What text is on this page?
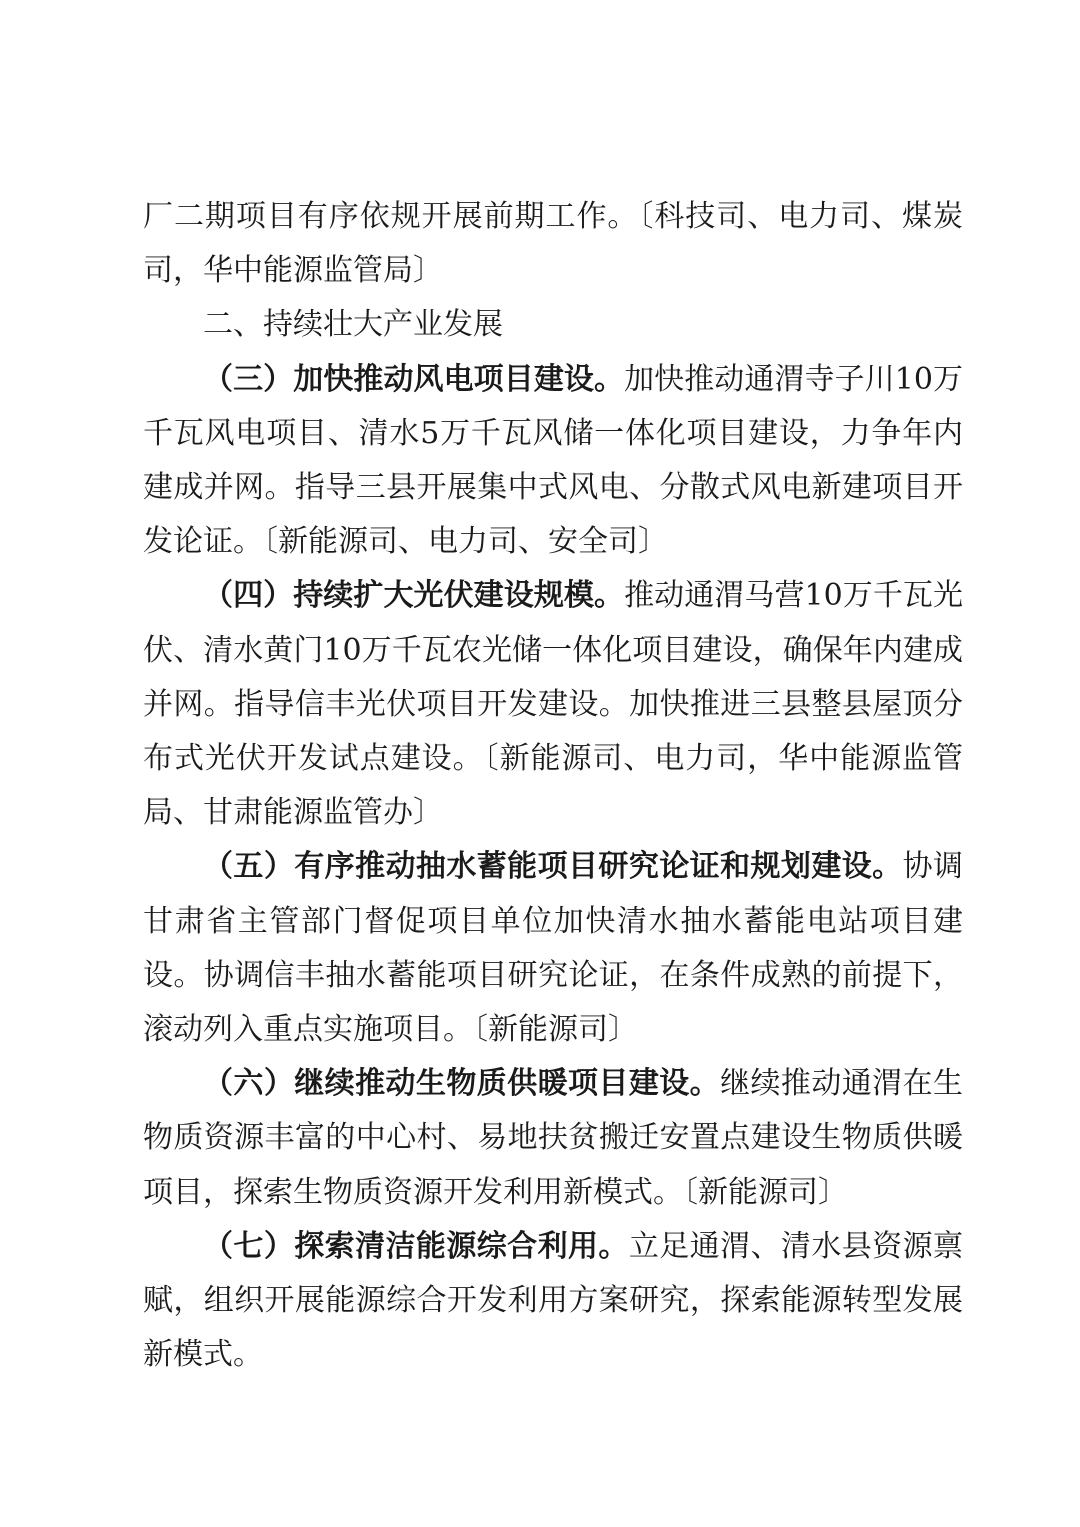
厂二期项目有序依规开展前期工作。〔科技司、电力司、煤炭司，华中能源监管局〕

二、持续壮大产业发展

（三）加快推动风电项目建设。加快推动通渭寺子川10万千瓦风电项目、清水5万千瓦风储一体化项目建设，力争年内建成并网。指导三县开展集中式风电、分散式风电新建项目开发论证。〔新能源司、电力司、安全司〕

（四）持续扩大光伏建设规模。推动通渭马营10万千瓦光伏、清水黄门10万千瓦农光储一体化项目建设，确保年内建成并网。指导信丰光伏项目开发建设。加快推进三县整县屋顶分布式光伏开发试点建设。〔新能源司、电力司，华中能源监管局、甘肃能源监管办〕

（五）有序推动抽水蓄能项目研究论证和规划建设。协调甘肃省主管部门督促项目单位加快清水抽水蓄能电站项目建设。协调信丰抽水蓄能项目研究论证，在条件成熟的前提下，滚动列入重点实施项目。〔新能源司〕

（六）继续推动生物质供暖项目建设。继续推动通渭在生物质资源丰富的中心村、易地扶贫搬迁安置点建设生物质供暖项目，探索生物质资源开发利用新模式。〔新能源司〕

（七）探索清洁能源综合利用。立足通渭、清水县资源禀赋，组织开展能源综合开发利用方案研究，探索能源转型发展新模式。
